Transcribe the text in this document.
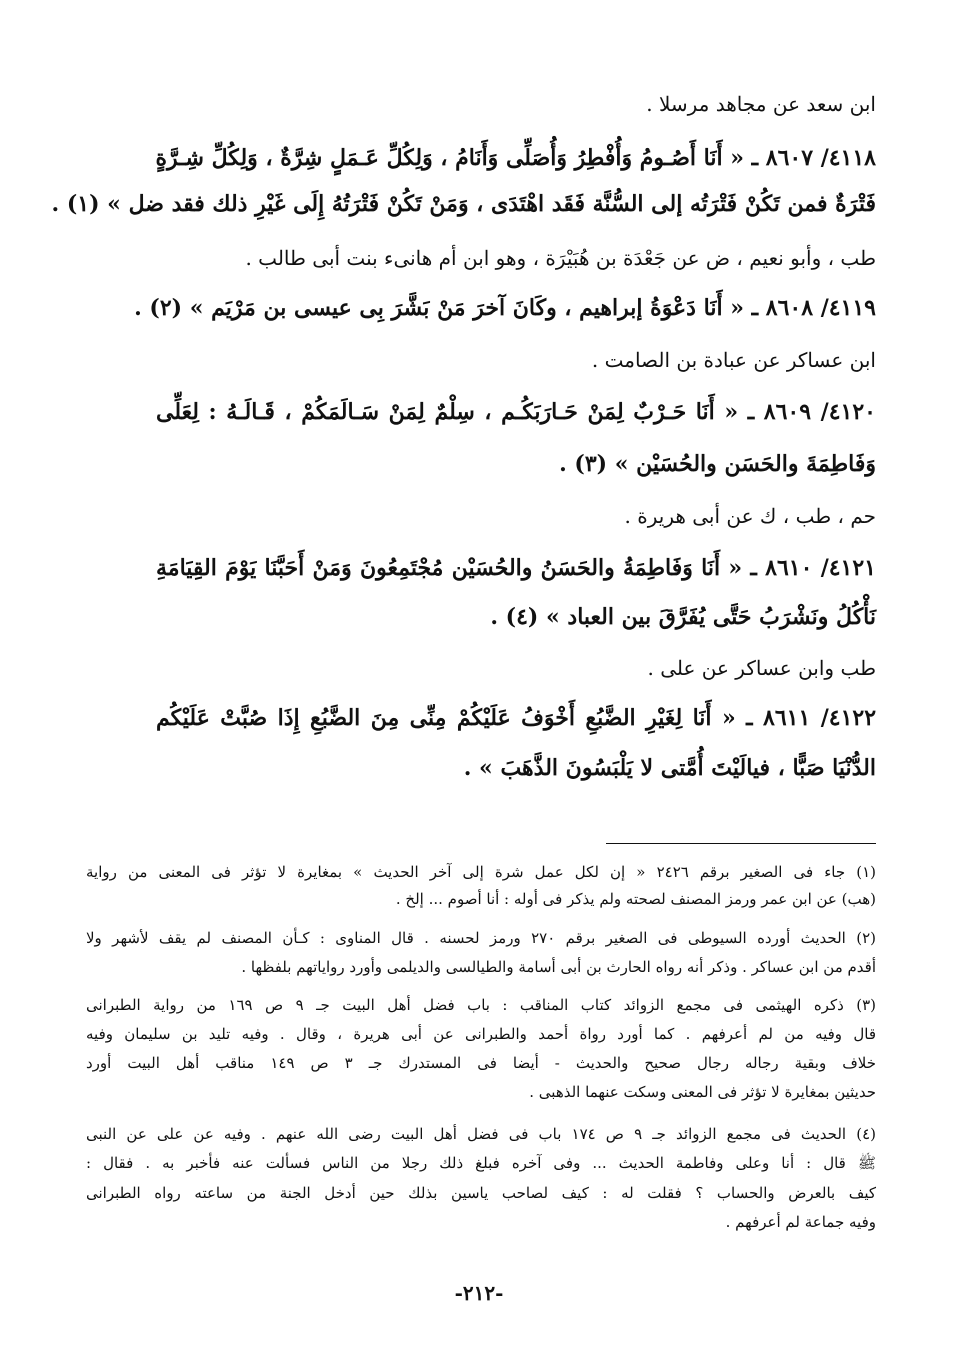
ابن سعد عن مجاهد مرسلا .
٤١١٨/ ٨٦٠٧ ـ « أَنَا أَصُـومُ وَأُفْطِرُ وَأُصَلِّى وَأَنَامُ ، وَلِكُلِّ عَـمَلٍ شِرَّةٌ ، وَلِكُلِّ شِـرَّةٍ
فَتْرَةٌ فمن تَكُنْ فَتْرَتُه إلى السُّنَّة فَقَد اهْتَدَى ، وَمَنْ تَكُنْ فَتْرَتُهُ إِلَى غَيْرِ ذلك فقد ضل » (١) .
طب ، وأبو نعيم ، ض عن جَعْدَة بن هُبَيْرَة ، وهو ابن أم هانىء بنت أبى طالب .
٤١١٩/ ٨٦٠٨ ـ « أَنَا دَعْوَةُ إبراهيم ، وكَانَ آخرَ مَنْ بَشَّرَ بِى عيسى بن مَرْيَم » (٢) .
ابن عساكر عن عبادة بن الصامت .
٤١٢٠/ ٨٦٠٩ ـ « أَنَا حَـرْبٌ لِمَنْ حَـارَبَكُـم ، سِلْمٌ لِمَنْ سَـالَمَكُمْ ، قَـالَـهُ : لِعَلِّى
وَفَاطِمَةَ والحَسَن والحُسَيْن » (٣) .
حم ، طب ، ك عن أبى هريرة .
٤١٢١/ ٨٦١٠ ـ « أَنَا وَفَاطِمَةُ والحَسَنُ والحُسَيْن مُجْتَمِعُونَ وَمَنْ أَحَبَّنَا يَوْمَ القِيَامَةِ
نَأْكُلُ ونَشْرَبُ حَتَّى يُفَرَّقَ بين العباد » (٤) .
طب وابن عساكر عن على .
٤١٢٢/ ٨٦١١ ـ « أَنَا لِغَيْرِ الضَّبُعِ أَخْوَفُ عَلَيْكُمْ مِنِّى مِنَ الضَّبُعِ إِذَا صُبَّتْ عَلَيْكُم
الدُّنْيَا صَبًّا ، فيالَيْتَ أُمَّتى لا يَلْبَسُونَ الذَّهَبَ » .
(١) جاء فى الصغير برقم ٢٤٢٦ « إن لكل عمل شرة إلى آخر الحديث » بمغايرة لا تؤثر فى المعنى من رواية
(هب) عن ابن عمر ورمز المصنف لصحته ولم يذكر فى أوله : أنا أصوم ... إلخ .
(٢) الحديث أورده السيوطى فى الصغير برقم ٢٧٠ ورمز لحسنه . قال المناوى : كـأن المصنف لم يقف لأشهر ولا
أقدم من ابن عساكر . وذكر أنه رواه الحارث بن أبى أسامة والطيالسى والديلمى وأورد رواياتهم بلفظها .
(٣) ذكره الهيثمى فى مجمع الزوائد كتاب المناقب : باب فضل أهل البيت جـ ٩ ص ١٦٩ من رواية الطبرانى
قال وفيه من لم أعرفهم . كما أورد رواة أحمد والطبرانى عن أبى هريرة ، وقال . وفيه تليد بن سليمان وفيه
خلاف وبقية رجاله رجال صحيح والحديث - أيضا فى المستدرك جـ ٣ ص ١٤٩ مناقب أهل البيت أورد
حديثين بمغايرة لا تؤثر فى المعنى وسكت عنهما الذهبى .
(٤) الحديث فى مجمع الزوائد جـ ٩ ص ١٧٤ باب فى فضل أهل البيت رضى الله عنهم . وفيه عن على عن النبى
ﷺ قال : أنا وعلى وفاطمة الحديث ... وفى آخره فبلغ ذلك رجلا من الناس فسألت عنه فأخبر به . فقال :
كيف بالعرض والحساب ؟ فقلت له : كيف لصاحب ياسين بذلك حين أدخل الجنة من ساعته رواه الطبرانى
وفيه جماعة لم أعرفهم .
-٢١٢-
